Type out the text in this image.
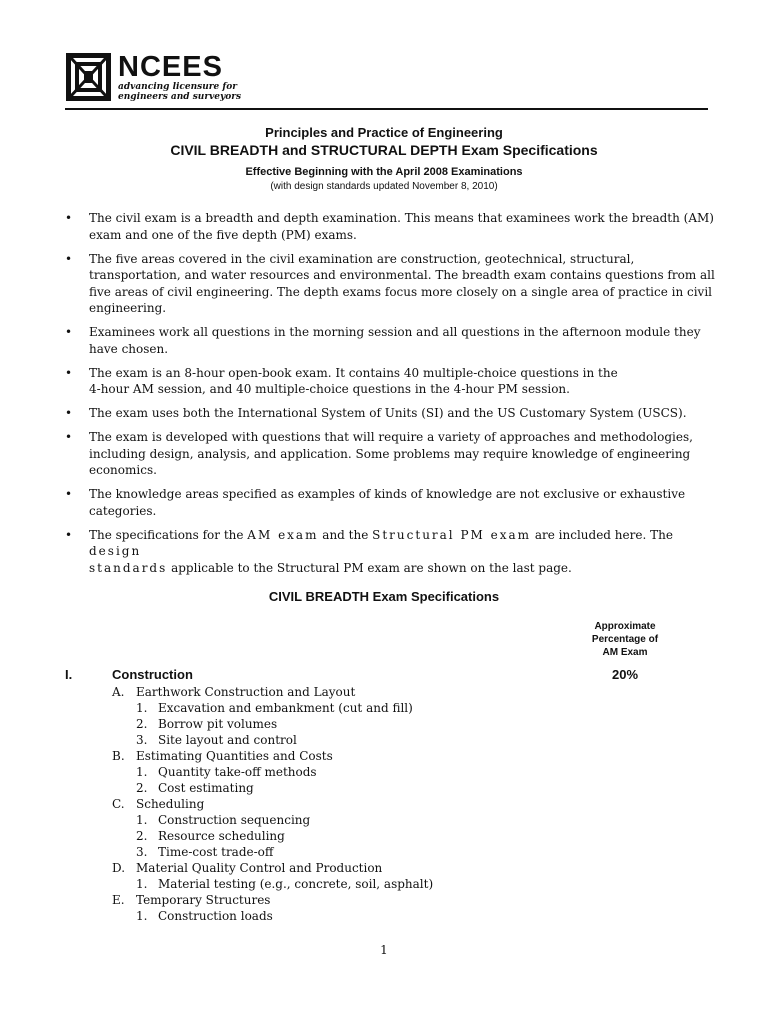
NCEES
advancing licensure for
engineers and surveyors
Principles and Practice of Engineering
CIVIL BREADTH and STRUCTURAL DEPTH Exam Specifications
Effective Beginning with the April 2008 Examinations
(with design standards updated November 8, 2010)
• The civil exam is a breadth and depth examination. This means that examinees work the breadth (AM) exam and one of the five depth (PM) exams.
• The five areas covered in the civil examination are construction, geotechnical, structural, transportation, and water resources and environmental. The breadth exam contains questions from all five areas of civil engineering. The depth exams focus more closely on a single area of practice in civil engineering.
• Examinees work all questions in the morning session and all questions in the afternoon module they have chosen.
• The exam is an 8-hour open-book exam. It contains 40 multiple-choice questions in the
4-hour AM session, and 40 multiple-choice questions in the 4-hour PM session.
• The exam uses both the International System of Units (SI) and the US Customary System (USCS).
• The exam is developed with questions that will require a variety of approaches and methodologies, including design, analysis, and application. Some problems may require knowledge of engineering economics.
• The knowledge areas specified as examples of kinds of knowledge are not exclusive or exhaustive categories.
• The specifications for the AM exam and the Structural PM exam are included here. The design
standards applicable to the Structural PM exam are shown on the last page.
CIVIL BREADTH Exam Specifications
Approximate
Percentage of
AM Exam
I.	Construction	20%
A. Earthwork Construction and Layout
1. Excavation and embankment (cut and fill)
2. Borrow pit volumes
3. Site layout and control
B. Estimating Quantities and Costs
1. Quantity take-off methods
2. Cost estimating
C. Scheduling
1. Construction sequencing
2. Resource scheduling
3. Time-cost trade-off
D. Material Quality Control and Production
1. Material testing (e.g., concrete, soil, asphalt)
E. Temporary Structures
1. Construction loads
1
